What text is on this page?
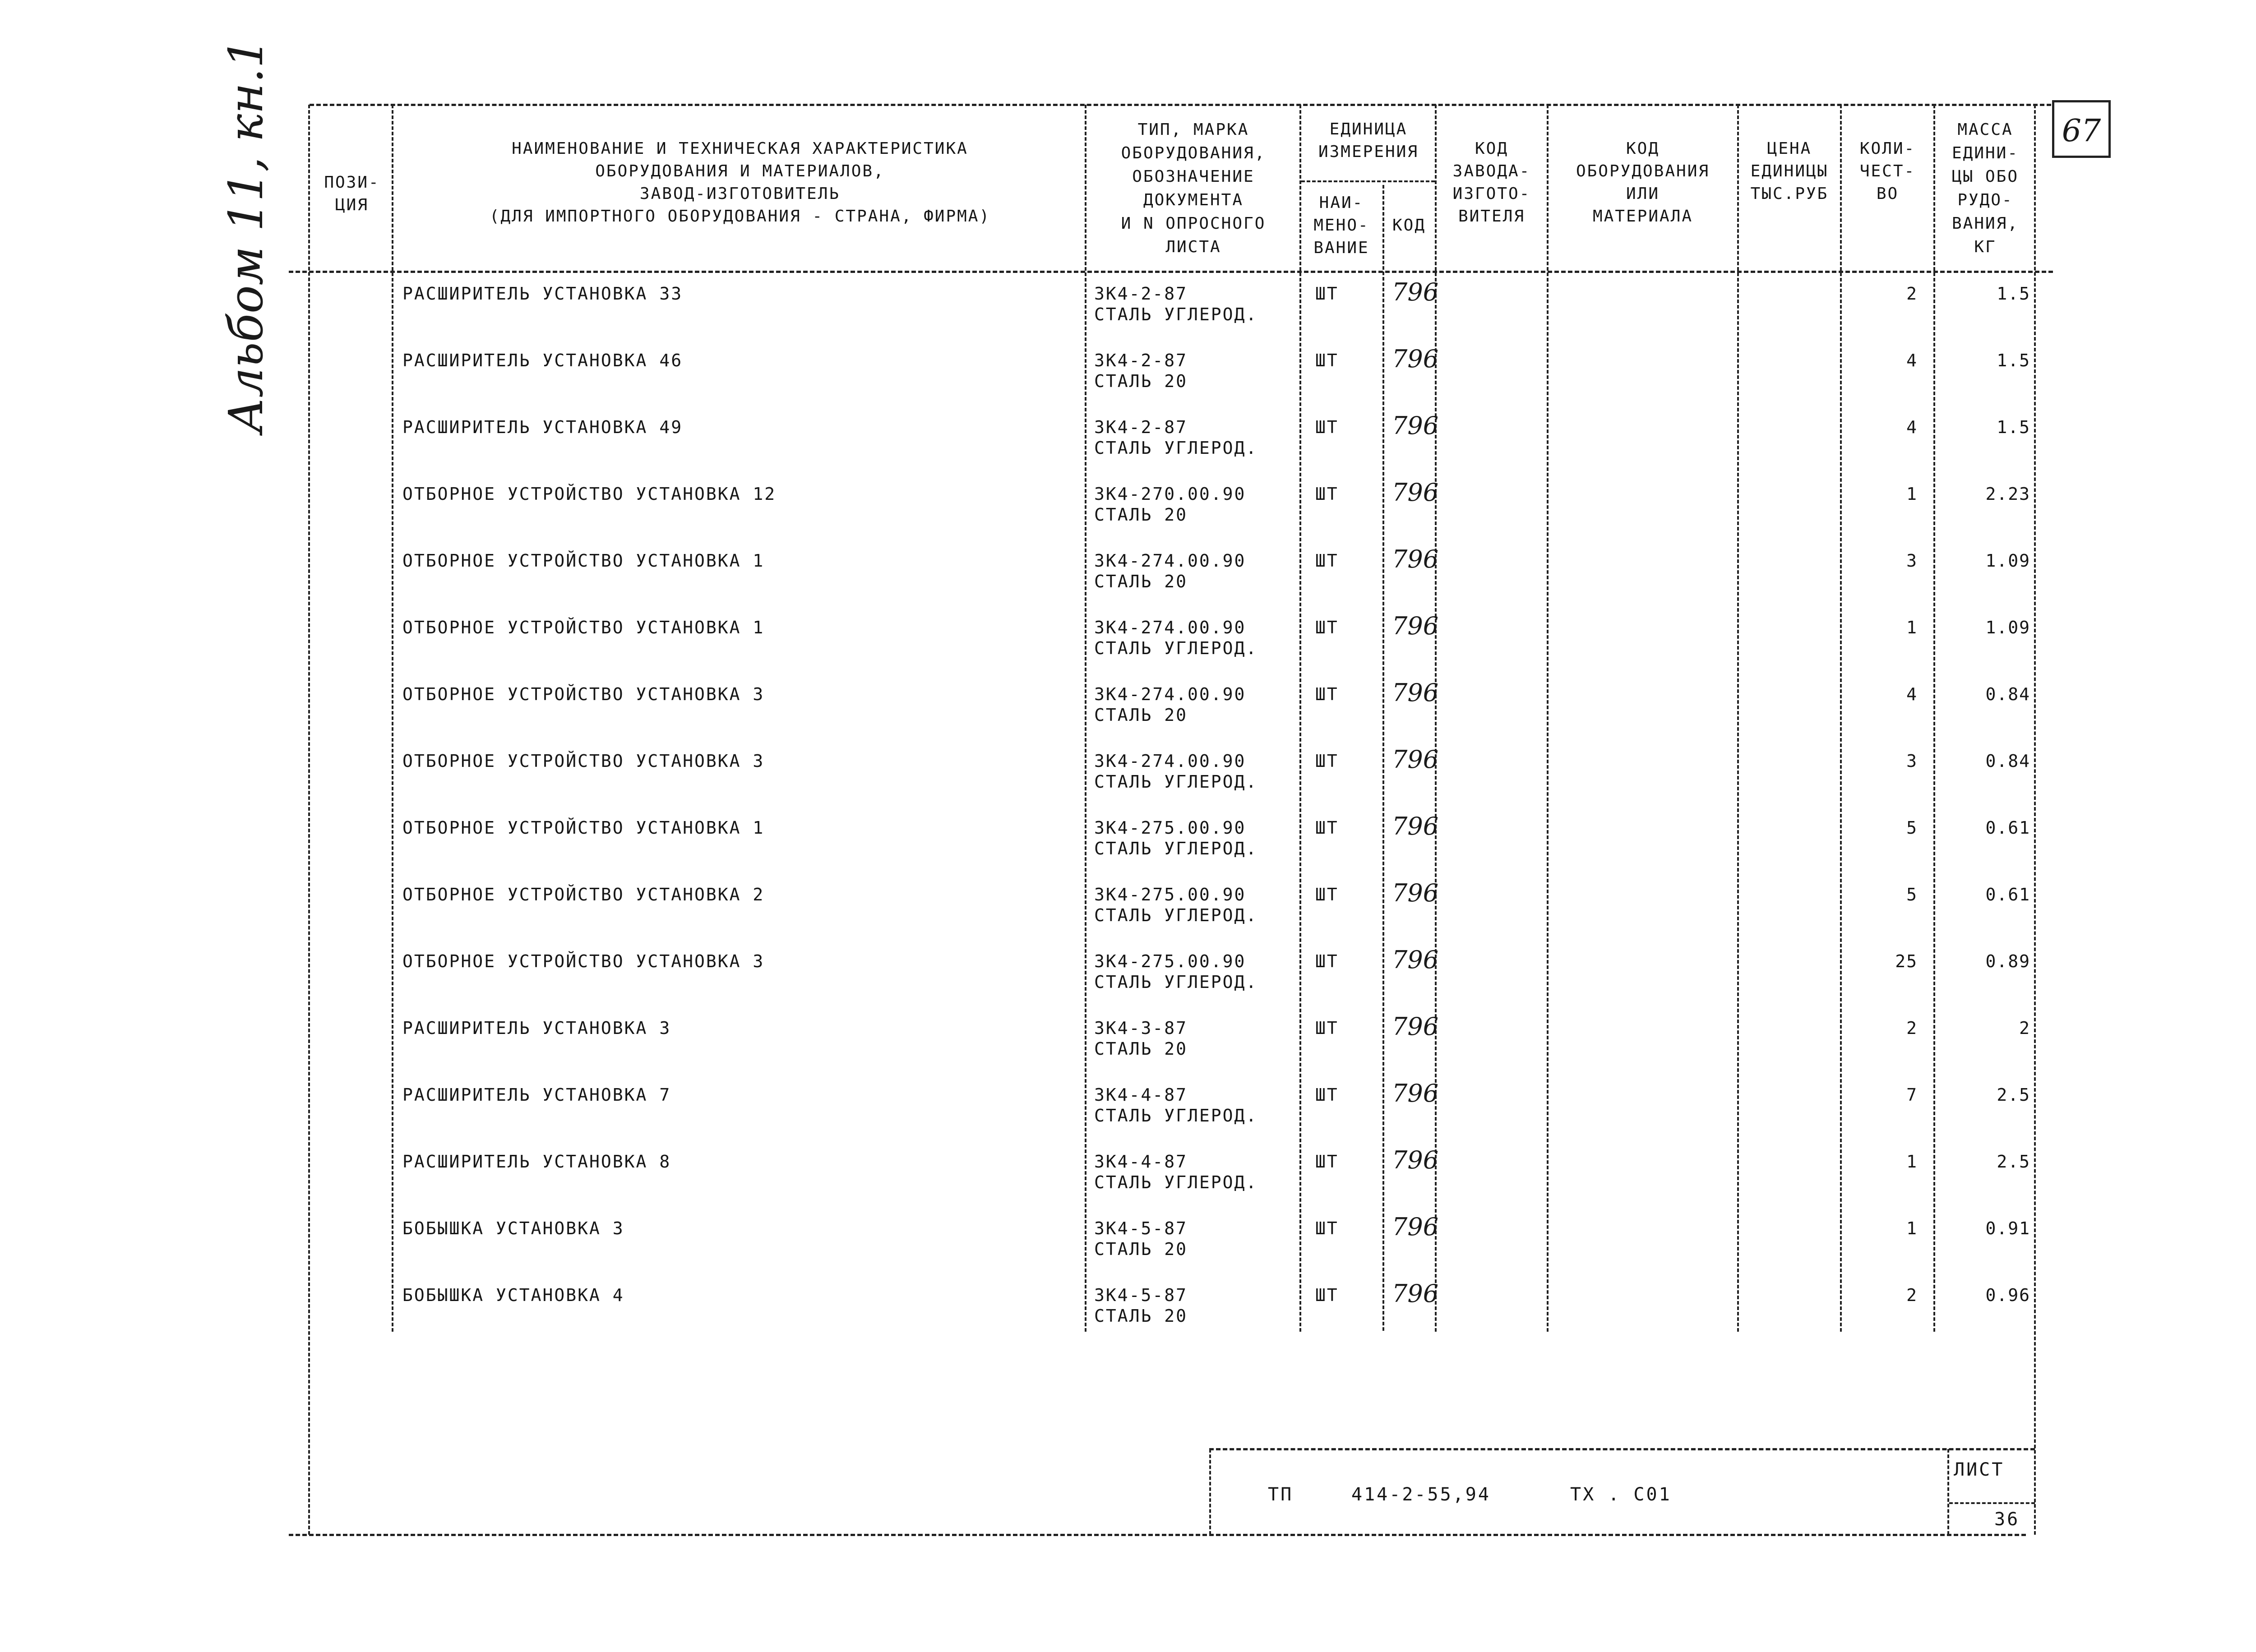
Альбом 11, кн.1	67
ПОЗИ-
ЦИЯ
НАИМЕНОВАНИЕ И ТЕХНИЧЕСКАЯ ХАРАКТЕРИСТИКА
ОБОРУДОВАНИЯ И МАТЕРИАЛОВ,
ЗАВОД-ИЗГОТОВИТЕЛЬ
(ДЛЯ ИМПОРТНОГО ОБОРУДОВАНИЯ - СТРАНА, ФИРМА)
ТИП, МАРКА
ОБОРУДОВАНИЯ,
ОБОЗНАЧЕНИЕ
ДОКУМЕНТА
И N ОПРОСНОГО
ЛИСТА
ЕДИНИЦА
ИЗМЕРЕНИЯ
НАИ-
МЕНО-
ВАНИЕ
КОД
КОД
ЗАВОДА-
ИЗГОТО-
ВИТЕЛЯ
КОД
ОБОРУДОВАНИЯ
ИЛИ
МАТЕРИАЛА
ЦЕНА
ЕДИНИЦЫ
ТЫС.РУБ
КОЛИ-
ЧЕСТ-
ВО
МАССА
ЕДИНИ-
ЦЫ ОБО
РУДО-
ВАНИЯ,
КГ
РАСШИРИТЕЛЬ УСТАНОВКА 33	3К4-2-87
СТАЛЬ УГЛЕРОД.
ШТ 796	2	1.5
РАСШИРИТЕЛЬ УСТАНОВКА 46	3К4-2-87
СТАЛЬ 20
ШТ 796	4	1.5
РАСШИРИТЕЛЬ УСТАНОВКА 49	3К4-2-87
СТАЛЬ УГЛЕРОД.
ШТ 796	4	1.5
ОТБОРНОЕ УСТРОЙСТВО УСТАНОВКА 12	3К4-270.00.90
СТАЛЬ 20
ШТ 796	1	2.23
ОТБОРНОЕ УСТРОЙСТВО УСТАНОВКА 1	3К4-274.00.90
СТАЛЬ 20
ШТ 796	3	1.09
ОТБОРНОЕ УСТРОЙСТВО УСТАНОВКА 1	3К4-274.00.90
СТАЛЬ УГЛЕРОД.
ШТ 796	1	1.09
ОТБОРНОЕ УСТРОЙСТВО УСТАНОВКА 3	3К4-274.00.90
СТАЛЬ 20
ШТ 796	4	0.84
ОТБОРНОЕ УСТРОЙСТВО УСТАНОВКА 3	3К4-274.00.90
СТАЛЬ УГЛЕРОД.
ШТ 796	3	0.84
ОТБОРНОЕ УСТРОЙСТВО УСТАНОВКА 1	3К4-275.00.90
СТАЛЬ УГЛЕРОД.
ШТ 796	5	0.61
ОТБОРНОЕ УСТРОЙСТВО УСТАНОВКА 2	3К4-275.00.90
СТАЛЬ УГЛЕРОД.
ШТ 796	5	0.61
ОТБОРНОЕ УСТРОЙСТВО УСТАНОВКА 3	3К4-275.00.90
СТАЛЬ УГЛЕРОД.
ШТ 796	25	0.89
РАСШИРИТЕЛЬ УСТАНОВКА 3	3К4-3-87
СТАЛЬ 20
ШТ 796	2	2
РАСШИРИТЕЛЬ УСТАНОВКА 7	3К4-4-87
СТАЛЬ УГЛЕРОД.
ШТ 796	7	2.5
РАСШИРИТЕЛЬ УСТАНОВКА 8	3К4-4-87
СТАЛЬ УГЛЕРОД.
ШТ 796	1	2.5
БОБЫШКА УСТАНОВКА 3	3К4-5-87
СТАЛЬ 20
ШТ 796	1	0.91
БОБЫШКА УСТАНОВКА 4	3К4-5-87
СТАЛЬ 20
ШТ 796	2	0.96
ТП	414-2-55,94	ТХ . С01
ЛИСТ
36
